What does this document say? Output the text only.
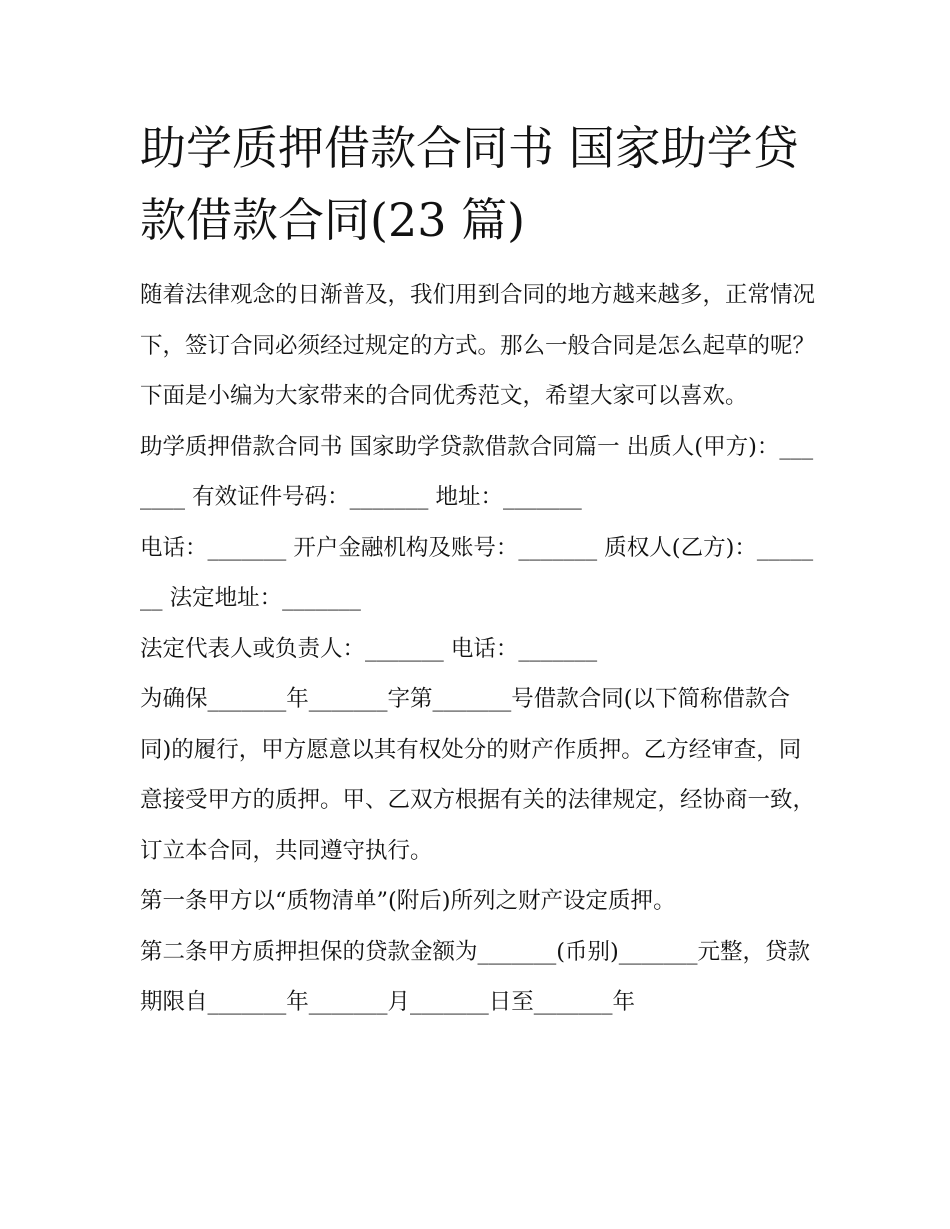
助学质押借款合同书 国家助学贷款借款合同(23 篇)

随着法律观念的日渐普及，我们用到合同的地方越来越多，正常情况下，签订合同必须经过规定的方式。那么一般合同是怎么起草的呢？下面是小编为大家带来的合同优秀范文，希望大家可以喜欢。

助学质押借款合同书 国家助学贷款借款合同篇一 出质人(甲方)：_______ 有效证件号码：_______ 地址：_______

电话：_______ 开户金融机构及账号：_______ 质权人(乙方)：_______ 法定地址：_______

法定代表人或负责人：_______ 电话：_______

为确保_______年_______字第_______号借款合同(以下简称借款合同)的履行，甲方愿意以其有权处分的财产作质押。乙方经审查，同意接受甲方的质押。甲、乙双方根据有关的法律规定，经协商一致，订立本合同，共同遵守执行。

第一条甲方以“质物清单”(附后)所列之财产设定质押。

第二条甲方质押担保的贷款金额为_______(币别)_______元整，贷款期限自_______年_______月_______日至_______年
